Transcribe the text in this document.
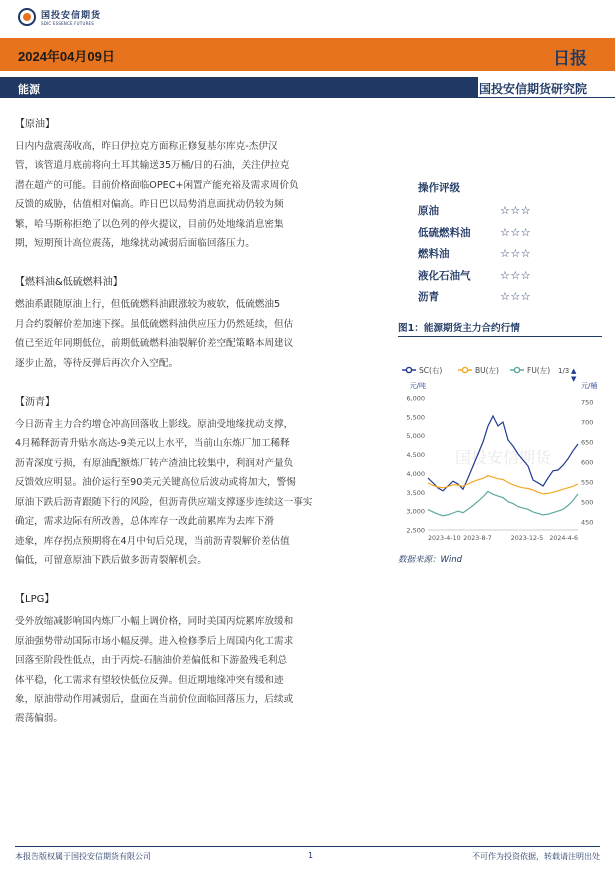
国投安信期货
SDIC ESSENCE FUTURES
2024年04月09日	日报
能源	国投安信期货研究院
【原油】
日内内盘震荡收高，昨日伊拉克方面称正修复基尔库克-杰伊汉
管，该管道月底前将向土耳其输送35万桶/日的石油，关注伊拉克
潜在超产的可能。目前价格面临OPEC+闲置产能充裕及需求周价负
反馈的威胁，估值相对偏高。昨日巴以局势消息面扰动仍较为频
繁，哈马斯称拒绝了以色列的停火提议，目前仍处地缘消息密集
期，短期预计高位震荡，地缘扰动减弱后面临回落压力。
【燃料油&低硫燃料油】
燃油系跟随原油上行，但低硫燃料油跟涨较为疲软，低硫燃油5
月合约裂解价差加速下探。虽低硫燃料油供应压力仍然延续，但估
值已至近年同期低位，前期低硫燃料油裂解价差空配策略本周建议
逐步止盈，等待反弹后再次介入空配。
【沥青】
今日沥青主力合约增仓冲高回落收上影线。原油受地缘扰动支撑，
4月稀释沥青升贴水高达-9美元以上水平，当前山东炼厂加工稀释
沥青深度亏损，有原油配额炼厂转产渣油比较集中，利润对产量负
反馈效应明显。油价运行至90美元关键高位后波动或将加大，警惕
原油下跌后沥青跟随下行的风险，但沥青供应端支撑逐步连续这一事实
确定，需求边际有所改善，总体库存一改此前累库为去库下滑
迹象，库存拐点预期将在4月中旬后兑现，当前沥青裂解价差估值
偏低，可留意原油下跌后做多沥青裂解机会。
【LPG】
受外放缩减影响国内炼厂小幅上调价格，同时美国丙烷累库放缓和
原油强势带动国际市场小幅反弹。进入检修季后上周国内化工需求
回落至阶段性低点，由于丙烷-石脑油价差偏低和下游盈残毛利总
体平稳，化工需求有望较快低位反弹。但近期地缘冲突有缓和迹
象，原油带动作用减弱后，盘面在当前价位面临回落压力，后续或
震荡偏弱。
操作评级
原油	☆☆☆
低硫燃料油	☆☆☆
燃料油	☆☆☆
液化石油气	☆☆☆
沥青	☆☆☆
图1：能源期货主力合约行情
SC(右)	BU(左)	FU(左) 1/3 ▲
▼
元/吨	元/桶
国投安信期货
6,000
5,500
5,000
4,500
4,000
3,500
3,000
2,500
750
700
650
600
550
500
450
2023-4-10 2023-8-7	2023-12-5 2024-4-6
数据来源：Wind
本报告版权属于国投安信期货有限公司	1	不可作为投资依据，转载请注明出处
